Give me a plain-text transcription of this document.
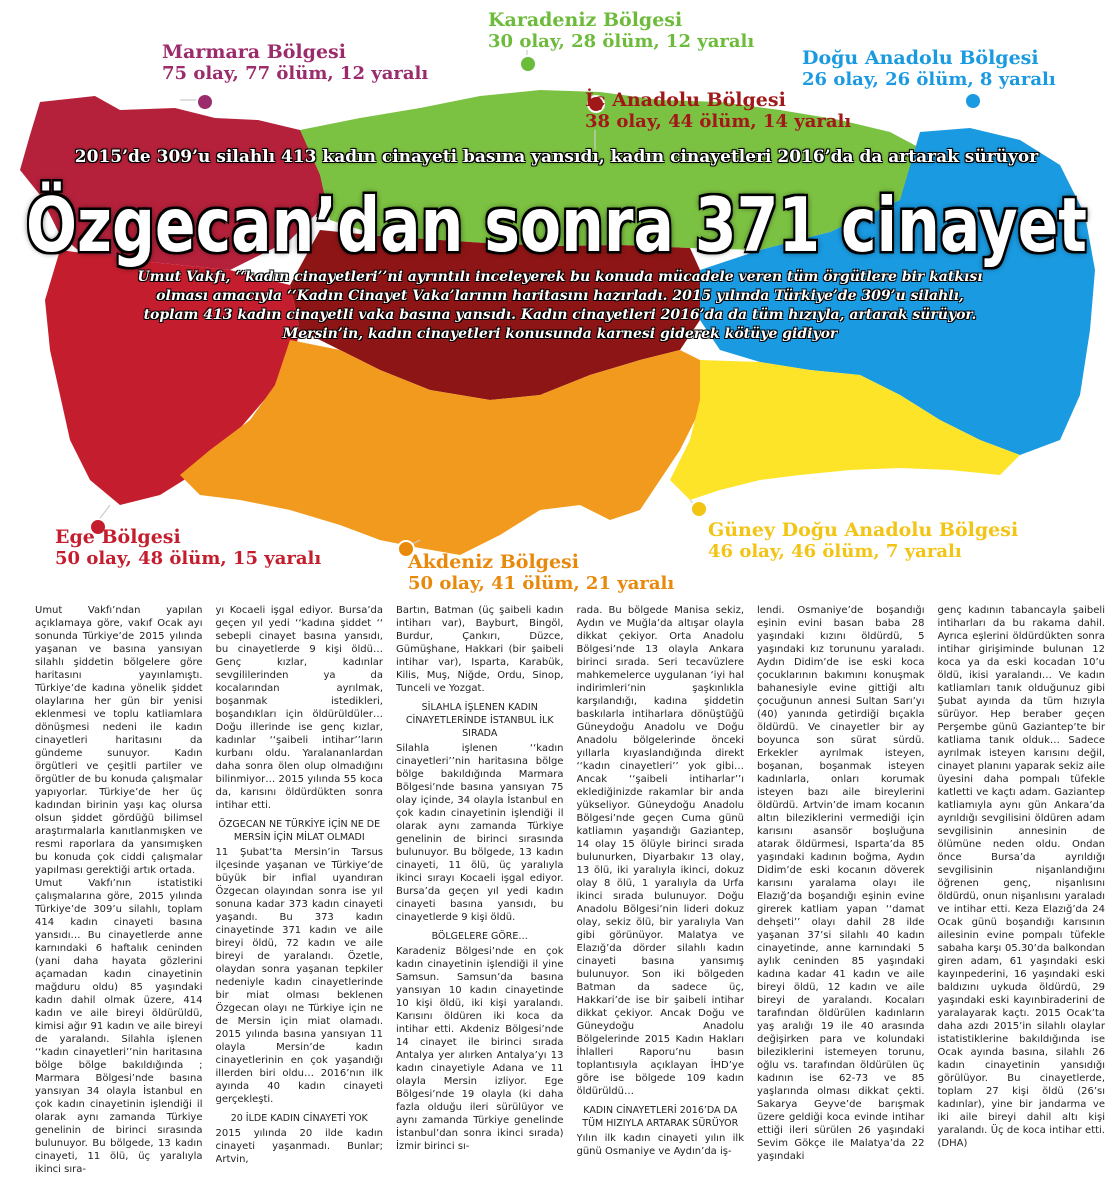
Marmara Bölgesi
75 olay, 77 ölüm, 12 yaralı
Karadeniz Bölgesi
30 olay, 28 ölüm, 12 yaralı
İç Anadolu Bölgesi
38 olay, 44 ölüm, 14 yaralı
Doğu Anadolu Bölgesi
26 olay, 26 ölüm, 8 yaralı
Ege Bölgesi
50 olay, 48 ölüm, 15 yaralı	Akdeniz Bölgesi
50 olay, 41 ölüm, 21 yaralı
Güney Doğu Anadolu Bölgesi
46 olay, 46 ölüm, 7 yaralı
2015’de 309’u silahlı 413 kadın cinayeti basına yansıdı, kadın cinayetleri 2016’da da artarak sürüyor
Özgecan’dan sonra 371 cinayet
Umut Vakfı, ‘‘kadın cinayetleri’’ni ayrıntılı inceleyerek bu konuda mücadele veren tüm örgütlere bir katkısı olması amacıyla ‘‘Kadın Cinayet Vaka’larının haritasını hazırladı. 2015 yılında Türkiye’de 309’u silahlı, toplam 413 kadın cinayetli vaka basına yansıdı. Kadın cinayetleri 2016’da da tüm hızıyla, artarak sürüyor. Mersin’in, kadın cinayetleri konusunda karnesi giderek kötüye gidiyor

Umut Vakfı’ndan yapılan açıklamaya göre, vakıf Ocak ayı sonunda Türkiye’de 2015 yılında yaşanan ve basına yansıyan silahlı şiddetin bölgelere göre haritasını yayınlamıştı. Türkiye’de kadına yönelik şiddet olaylarına her gün bir yenisi eklenmesi ve toplu katliamlara dönüşmesi nedeni ile kadın cinayetleri haritasını da gündeme sunuyor. Kadın örgütleri ve çeşitli partiler ve örgütler de bu konuda çalışmalar yapıyorlar. Türkiye’de her üç kadından birinin yaşı kaç olursa olsun şiddet gördüğü bilimsel araştırmalarla kanıtlanmışken ve resmi raporlara da yansımışken bu konuda çok ciddi çalışmalar yapılması gerektiği artık ortada.

Umut Vakfı’nın istatistiki çalışmalarına göre, 2015 yılında Türkiye’de 309’u silahlı, toplam 414 kadın cinayeti basına yansıdı… Bu cinayetlerde anne karnındaki 6 haftalık ceninden (yani daha hayata gözlerini açamadan kadın cinayetinin mağduru oldu) 85 yaşındaki kadın dahil olmak üzere, 414 kadın ve aile bireyi öldürüldü, kimisi ağır 91 kadın ve aile bireyi de yaralandı. Silahla işlenen ‘‘kadın cinayetleri’’nin haritasına bölge bölge bakıldığında ; Marmara Bölgesi’nde basına yansıyan 34 olayla İstanbul en çok kadın cinayetinin işlendiği il olarak aynı zamanda Türkiye genelinin de birinci sırasında bulunuyor. Bu bölgede, 13 kadın cinayeti, 11 ölü, üç yaralıyla ikinci sıra-

yı Kocaeli işgal ediyor. Bursa’da geçen yıl yedi ‘‘kadına şiddet ‘‘ sebepli cinayet basına yansıdı, bu cinayetlerde 9 kişi öldü… Genç kızlar, kadınlar sevgililerinden ya da kocalarından ayrılmak, boşanmak istedikleri, boşandıkları için öldürüldüler… Doğu illerinde ise genç kızlar, kadınlar ‘‘şaibeli intihar’’ların kurbanı oldu. Yaralananlardan daha sonra ölen olup olmadığını bilinmiyor… 2015 yılında 55 koca da, karısını öldürdükten sonra intihar etti.

ÖZGECAN NE TÜRKİYE İÇİN NE DE MERSİN İÇİN MİLAT OLMADI

11 Şubat’ta Mersin’in Tarsus ilçesinde yaşanan ve Türkiye’de büyük bir infial uyandıran Özgecan olayından sonra ise yıl sonuna kadar 373 kadın cinayeti yaşandı. Bu 373 kadın cinayetinde 371 kadın ve aile bireyi öldü, 72 kadın ve aile bireyi de yaralandı. Özetle, olaydan sonra yaşanan tepkiler nedeniyle kadın cinayetlerinde bir miat olması beklenen Özgecan olayı ne Türkiye için ne de Mersin için miat olamadı. 2015 yılında basına yansıyan 11 olayla Mersin’de kadın cinayetlerinin en çok yaşandığı illerden biri oldu… 2016’nın ilk ayında 40 kadın cinayeti gerçekleşti.

20 İLDE KADIN CİNAYETİ YOK

2015 yılında 20 ilde kadın cinayeti yaşanmadı. Bunlar; Artvin,

Bartın, Batman (üç şaibeli kadın intiharı var), Bayburt, Bingöl, Burdur, Çankırı, Düzce, Gümüşhane, Hakkari (bir şaibeli intihar var), Isparta, Karabük, Kilis, Muş, Niğde, Ordu, Sinop, Tunceli ve Yozgat.

SİLAHLA İŞLENEN KADIN CİNAYETLERİNDE İSTANBUL İLK SIRADA

Silahla işlenen ‘‘kadın cinayetleri’’nin haritasına bölge bölge bakıldığında Marmara Bölgesi’nde basına yansıyan 75 olay içinde, 34 olayla İstanbul en çok kadın cinayetinin işlendiği il olarak aynı zamanda Türkiye genelinin de birinci sırasında bulunuyor. Bu bölgede, 13 kadın cinayeti, 11 ölü, üç yaralıyla ikinci sırayı Kocaeli işgal ediyor. Bursa’da geçen yıl yedi kadın cinayeti basına yansıdı, bu cinayetlerde 9 kişi öldü.

BÖLGELERE GÖRE…

Karadeniz Bölgesi’nde en çok kadın cinayetinin işlendiği il yine Samsun. Samsun’da basına yansıyan 10 kadın cinayetinde 10 kişi öldü, iki kişi yaralandı. Karısını öldüren iki koca da intihar etti. Akdeniz Bölgesi’nde 14 cinayet ile birinci sırada Antalya yer alırken Antalya’yı 13 kadın cinayetiyle Adana ve 11 olayla Mersin izliyor. Ege Bölgesi’nde 19 olayla (ki daha fazla olduğu ileri sürülüyor ve aynı zamanda Türkiye genelinde İstanbul’dan sonra ikinci sırada) İzmir birinci sı-

rada. Bu bölgede Manisa sekiz, Aydın ve Muğla’da altışar olayla dikkat çekiyor. Orta Anadolu Bölgesi’nde 13 olayla Ankara birinci sırada. Seri tecavüzlere mahkemelerce uygulanan ‘iyi hal indirimleri’nin şaşkınlıkla karşılandığı, kadına şiddetin baskılarla intiharlara dönüştüğü Güneydoğu Anadolu ve Doğu Anadolu bölgelerinde önceki yıllarla kıyaslandığında direkt ‘‘kadın cinayetleri’’ yok gibi… Ancak ‘‘şaibeli intiharlar’’ı eklediğinizde rakamlar bir anda yükseliyor. Güneydoğu Anadolu Bölgesi’nde geçen Cuma günü katliamın yaşandığı Gaziantep, 14 olay 15 ölüyle birinci sırada bulunurken, Diyarbakır 13 olay, 13 ölü, iki yaralıyla ikinci, dokuz olay 8 ölü, 1 yaralıyla da Urfa ikinci sırada bulunuyor. Doğu Anadolu Bölgesi’nin lideri dokuz olay, sekiz ölü, bir yaralıyla Van gibi görünüyor. Malatya ve Elazığ’da dörder silahlı kadın cinayeti basına yansımış bulunuyor. Son iki bölgeden Batman da sadece üç, Hakkari’de ise bir şaibeli intihar dikkat çekiyor. Ancak Doğu ve Güneydoğu Anadolu Bölgelerinde 2015 Kadın Hakları İhlalleri Raporu’nu basın toplantısıyla açıklayan İHD’ye göre ise bölgede 109 kadın öldürüldü…

KADIN CİNAYETLERİ 2016’DA DA TÜM HIZIYLA ARTARAK SÜRÜYOR

Yılın ilk kadın cinayeti yılın ilk günü Osmaniye ve Aydın’da iş-

lendi. Osmaniye’de boşandığı eşinin evini basan baba 28 yaşındaki kızını öldürdü, 5 yaşındaki kız torununu yaraladı. Aydın Didim’de ise eski koca çocuklarının bakımını konuşmak bahanesiyle evine gittiği altı çocuğunun annesi Sultan Sarı’yı (40) yanında getirdiği bıçakla öldürdü. Ve cinayetler bir ay boyunca son sürat sürdü. Erkekler ayrılmak isteyen, boşanan, boşanmak isteyen kadınlarla, onları korumak isteyen bazı aile bireylerini öldürdü. Artvin’de imam kocanın altın bileziklerini vermediği için karısını asansör boşluğuna atarak öldürmesi, Isparta’da 85 yaşındaki kadının boğma, Aydın Didim’de eski kocanın döverek karısını yaralama olayı ile Elazığ’da boşandığı eşinin evine girerek katliam yapan ‘‘damat dehşeti’’ olayı dahil 28 ilde yaşanan 37’si silahlı 40 kadın cinayetinde, anne karnındaki 5 aylık ceninden 85 yaşındaki kadına kadar 41 kadın ve aile bireyi öldü, 12 kadın ve aile bireyi de yaralandı. Kocaları tarafından öldürülen kadınların yaş aralığı 19 ile 40 arasında değişirken para ve kolundaki bileziklerini istemeyen torunu, oğlu vs. tarafından öldürülen üç kadının ise 62-73 ve 85 yaşlarında olması dikkat çekti. Sakarya Geyve’de barışmak üzere geldiği koca evinde intihar ettiği ileri sürülen 26 yaşındaki Sevim Gökçe ile Malatya’da 22 yaşındaki

genç kadının tabancayla şaibeli intiharları da bu rakama dahil. Ayrıca eşlerini öldürdükten sonra intihar girişiminde bulunan 12 koca ya da eski kocadan 10’u öldü, ikisi yaralandı… Ve kadın katliamları tanık olduğunuz gibi Şubat ayında da tüm hızıyla sürüyor. Hep beraber geçen Perşembe günü Gaziantep’te bir katliama tanık olduk… Sadece ayrılmak isteyen karısını değil, cinayet planını yaparak sekiz aile üyesini daha pompalı tüfekle katletti ve kaçtı adam. Gaziantep katliamıyla aynı gün Ankara’da ayrıldığı sevgilisini öldüren adam sevgilisinin annesinin de ölümüne neden oldu. Ondan önce Bursa’da ayrıldığı sevgilisinin nişanlandığını öğrenen genç, nişanlısını öldürdü, onun nişanlısını yaraladı ve intihar etti. Keza Elazığ’da 24 Ocak günü boşandığı karısının ailesinin evine pompalı tüfekle sabaha karşı 05.30’da balkondan giren adam, 61 yaşındaki eski kayınpederini, 16 yaşındaki eski baldızını uykuda öldürdü, 29 yaşındaki eski kayınbiraderini de yaralayarak kaçtı. 2015 Ocak’ta daha azdı 2015’in silahlı olaylar istatistiklerine bakıldığında ise Ocak ayında basına, silahlı 26 kadın cinayetinin yansıdığı görülüyor. Bu cinayetlerde, toplam 27 kişi öldü (26’sı kadınlar), yine bir jandarma ve iki aile bireyi dahil altı kişi yaralandı. Üç de koca intihar etti. (DHA)
